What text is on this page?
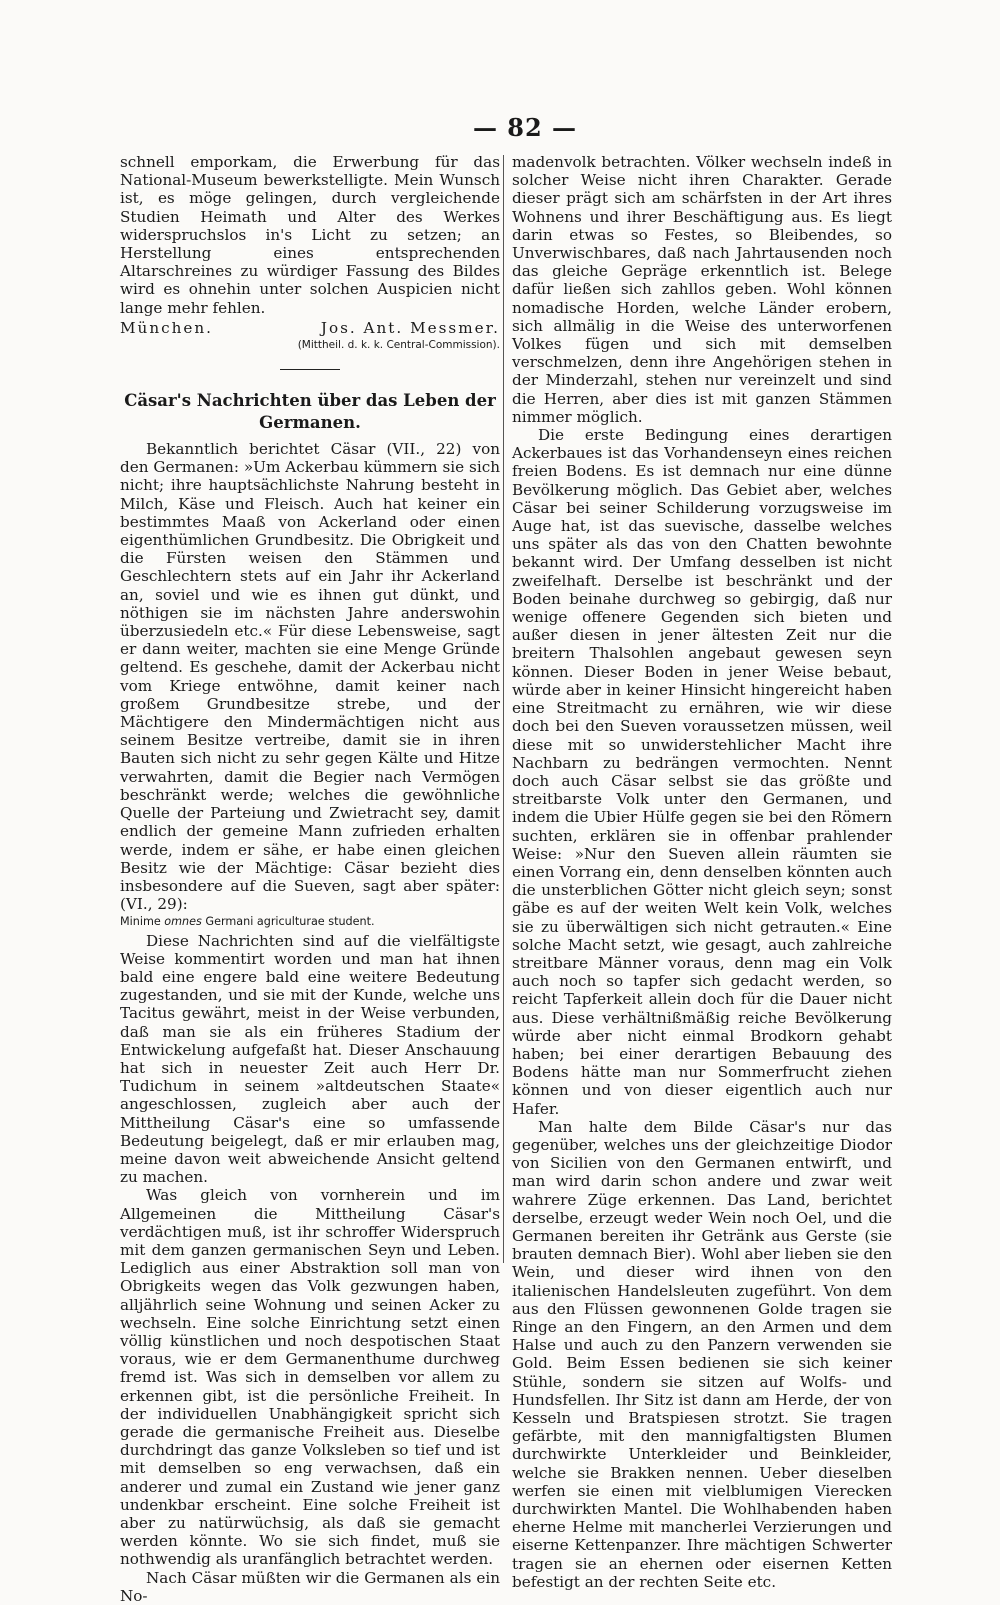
— 82 —

schnell emporkam, die Erwerbung für das National-Museum bewerkstelligte. Mein Wunsch ist, es möge gelingen, durch vergleichende Studien Heimath und Alter des Werkes widerspruchslos in's Licht zu setzen; an Herstellung eines entsprechenden Altarschreines zu würdiger Fassung des Bildes wird es ohnehin unter solchen Auspicien nicht lange mehr fehlen.

München.	Jos. Ant. Messmer.
(Mittheil. d. k. k. Central-Commission).
Cäsar's Nachrichten über das Leben der Germanen.

Bekanntlich berichtet Cäsar (VII., 22) von den Germanen: »Um Ackerbau kümmern sie sich nicht; ihre hauptsächlichste Nahrung besteht in Milch, Käse und Fleisch. Auch hat keiner ein bestimmtes Maaß von Ackerland oder einen eigenthümlichen Grundbesitz. Die Obrigkeit und die Fürsten weisen den Stämmen und Geschlechtern stets auf ein Jahr ihr Ackerland an, soviel und wie es ihnen gut dünkt, und nöthigen sie im nächsten Jahre anderswohin überzusiedeln etc.« Für diese Lebensweise, sagt er dann weiter, machten sie eine Menge Gründe geltend. Es geschehe, damit der Ackerbau nicht vom Kriege entwöhne, damit keiner nach großem Grundbesitze strebe, und der Mächtigere den Mindermächtigen nicht aus seinem Besitze vertreibe, damit sie in ihren Bauten sich nicht zu sehr gegen Kälte und Hitze verwahrten, damit die Begier nach Vermögen beschränkt werde; welches die gewöhnliche Quelle der Parteiung und Zwietracht sey, damit endlich der gemeine Mann zufrieden erhalten werde, indem er sähe, er habe einen gleichen Besitz wie der Mächtige: Cäsar bezieht dies insbesondere auf die Sueven, sagt aber später: (VI., 29):

Minime omnes Germani agriculturae student.

Diese Nachrichten sind auf die vielfältigste Weise kommentirt worden und man hat ihnen bald eine engere bald eine weitere Bedeutung zugestanden, und sie mit der Kunde, welche uns Tacitus gewährt, meist in der Weise verbunden, daß man sie als ein früheres Stadium der Entwickelung aufgefaßt hat. Dieser Anschauung hat sich in neuester Zeit auch Herr Dr. Tudichum in seinem »altdeutschen Staate« angeschlossen, zugleich aber auch der Mittheilung Cäsar's eine so umfassende Bedeutung beigelegt, daß er mir erlauben mag, meine davon weit abweichende Ansicht geltend zu machen.

Was gleich von vornherein und im Allgemeinen die Mittheilung Cäsar's verdächtigen muß, ist ihr schroffer Widerspruch mit dem ganzen germanischen Seyn und Leben. Lediglich aus einer Abstraktion soll man von Obrigkeits wegen das Volk gezwungen haben, alljährlich seine Wohnung und seinen Acker zu wechseln. Eine solche Einrichtung setzt einen völlig künstlichen und noch despotischen Staat voraus, wie er dem Germanenthume durchweg fremd ist. Was sich in demselben vor allem zu erkennen gibt, ist die persönliche Freiheit. In der individuellen Unabhängigkeit spricht sich gerade die germanische Freiheit aus. Dieselbe durchdringt das ganze Volksleben so tief und ist mit demselben so eng verwachsen, daß ein anderer und zumal ein Zustand wie jener ganz undenkbar erscheint. Eine solche Freiheit ist aber zu natürwüchsig, als daß sie gemacht werden könnte. Wo sie sich findet, muß sie nothwendig als uranfänglich betrachtet werden.

Nach Cäsar müßten wir die Germanen als ein No-

madenvolk betrachten. Völker wechseln indeß in solcher Weise nicht ihren Charakter. Gerade dieser prägt sich am schärfsten in der Art ihres Wohnens und ihrer Beschäftigung aus. Es liegt darin etwas so Festes, so Bleibendes, so Unverwischbares, daß nach Jahrtausenden noch das gleiche Gepräge erkenntlich ist. Belege dafür ließen sich zahllos geben. Wohl können nomadische Horden, welche Länder erobern, sich allmälig in die Weise des unterworfenen Volkes fügen und sich mit demselben verschmelzen, denn ihre Angehörigen stehen in der Minderzahl, stehen nur vereinzelt und sind die Herren, aber dies ist mit ganzen Stämmen nimmer möglich.

Die erste Bedingung eines derartigen Ackerbaues ist das Vorhandenseyn eines reichen freien Bodens. Es ist demnach nur eine dünne Bevölkerung möglich. Das Gebiet aber, welches Cäsar bei seiner Schilderung vorzugsweise im Auge hat, ist das suevische, dasselbe welches uns später als das von den Chatten bewohnte bekannt wird. Der Umfang desselben ist nicht zweifelhaft. Derselbe ist beschränkt und der Boden beinahe durchweg so gebirgig, daß nur wenige offenere Gegenden sich bieten und außer diesen in jener ältesten Zeit nur die breitern Thalsohlen angebaut gewesen seyn können. Dieser Boden in jener Weise bebaut, würde aber in keiner Hinsicht hingereicht haben eine Streitmacht zu ernähren, wie wir diese doch bei den Sueven voraussetzen müssen, weil diese mit so unwiderstehlicher Macht ihre Nachbarn zu bedrängen vermochten. Nennt doch auch Cäsar selbst sie das größte und streitbarste Volk unter den Germanen, und indem die Ubier Hülfe gegen sie bei den Römern suchten, erklären sie in offenbar prahlender Weise: »Nur den Sueven allein räumten sie einen Vorrang ein, denn denselben könnten auch die unsterblichen Götter nicht gleich seyn; sonst gäbe es auf der weiten Welt kein Volk, welches sie zu überwältigen sich nicht getrauten.« Eine solche Macht setzt, wie gesagt, auch zahlreiche streitbare Männer voraus, denn mag ein Volk auch noch so tapfer sich gedacht werden, so reicht Tapferkeit allein doch für die Dauer nicht aus. Diese verhältnißmäßig reiche Bevölkerung würde aber nicht einmal Brodkorn gehabt haben; bei einer derartigen Bebauung des Bodens hätte man nur Sommerfrucht ziehen können und von dieser eigentlich auch nur Hafer.

Man halte dem Bilde Cäsar's nur das gegenüber, welches uns der gleichzeitige Diodor von Sicilien von den Germanen entwirft, und man wird darin schon andere und zwar weit wahrere Züge erkennen. Das Land, berichtet derselbe, erzeugt weder Wein noch Oel, und die Germanen bereiten ihr Getränk aus Gerste (sie brauten demnach Bier). Wohl aber lieben sie den Wein, und dieser wird ihnen von den italienischen Handelsleuten zugeführt. Von dem aus den Flüssen gewonnenen Golde tragen sie Ringe an den Fingern, an den Armen und dem Halse und auch zu den Panzern verwenden sie Gold. Beim Essen bedienen sie sich keiner Stühle, sondern sie sitzen auf Wolfs- und Hundsfellen. Ihr Sitz ist dann am Herde, der von Kesseln und Bratspiesen strotzt. Sie tragen gefärbte, mit den mannigfaltigsten Blumen durchwirkte Unterkleider und Beinkleider, welche sie Brakken nennen. Ueber dieselben werfen sie einen mit vielblumigen Vierecken durchwirkten Mantel. Die Wohlhabenden haben eherne Helme mit mancherlei Verzierungen und eiserne Kettenpanzer. Ihre mächtigen Schwerter tragen sie an ehernen oder eisernen Ketten befestigt an der rechten Seite etc.
